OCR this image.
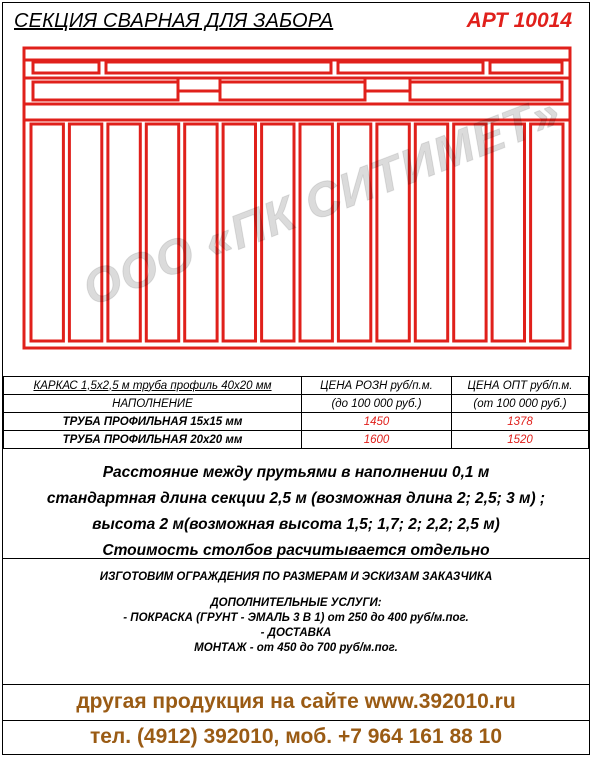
СЕКЦИЯ СВАРНАЯ ДЛЯ ЗАБОРА	АРТ 10014
ООО «ПК СИТИМЕТ»
КАРКАС 1,5х2,5 м труба профиль 40х20 мм	ЦЕНА РОЗН руб/п.м.	ЦЕНА ОПТ руб/п.м.
НАПОЛНЕНИЕ	(до 100 000 руб.)	(от 100 000 руб.)
ТРУБА ПРОФИЛЬНАЯ 15х15 мм	1450	1378
ТРУБА ПРОФИЛЬНАЯ 20х20 мм	1600	1520
Расстояние между прутьями в наполнении 0,1 м
стандартная длина секции 2,5 м (возможная длина 2; 2,5; 3 м) ;
высота 2 м(возможная высота 1,5; 1,7; 2; 2,2; 2,5 м)
Стоимость столбов расчитывается отдельно
ИЗГОТОВИМ ОГРАЖДЕНИЯ ПО РАЗМЕРАМ И ЭСКИЗАМ ЗАКАЗЧИКА
ДОПОЛНИТЕЛЬНЫЕ УСЛУГИ:
- ПОКРАСКА (ГРУНТ - ЭМАЛЬ 3 В 1) от 250 до 400 руб/м.пог.
- ДОСТАВКА
МОНТАЖ - от 450 до 700 руб/м.пог.
другая продукция на сайте www.392010.ru
тел. (4912) 392010, моб. +7 964 161 88 10
